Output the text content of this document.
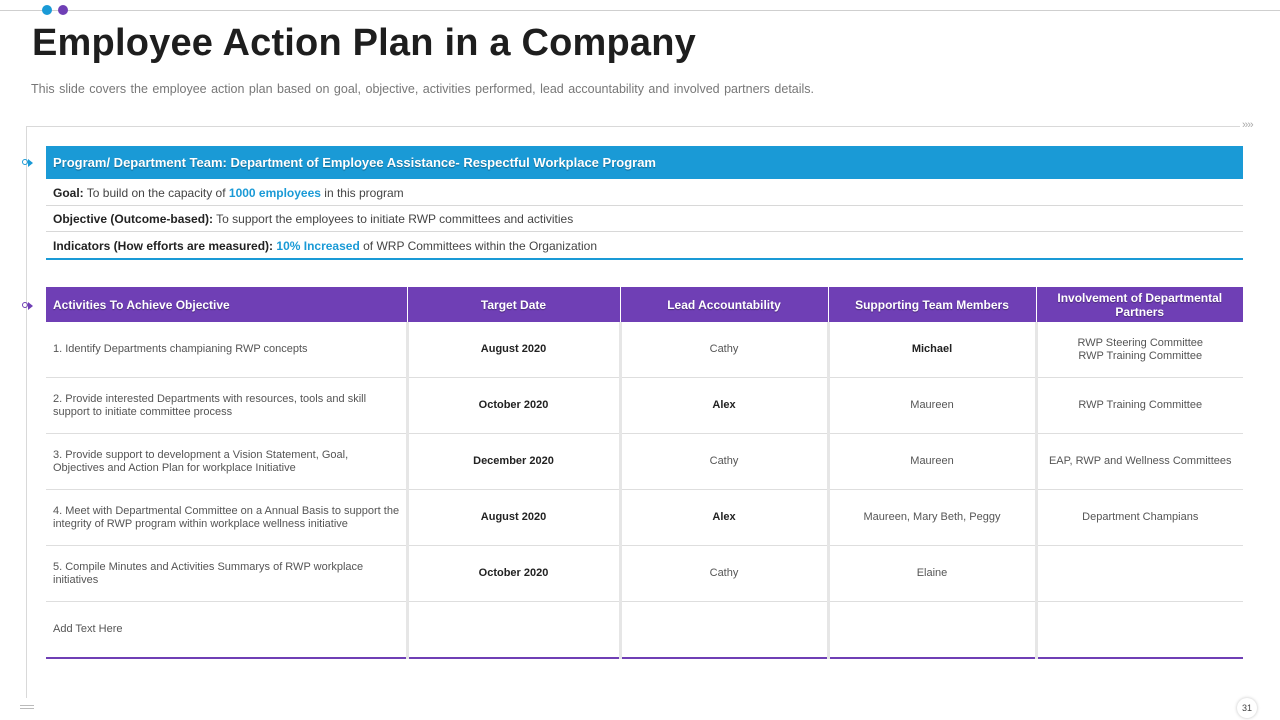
Employee Action Plan in a Company
This slide covers the employee action plan based on goal, objective, activities performed, lead accountability and involved partners details.
››››
Program/ Department Team: Department of Employee Assistance- Respectful Workplace Program
Goal: To build on the capacity of 1000 employees in this program
Objective (Outcome-based): To support the employees to initiate RWP committees and activities
Indicators (How efforts are measured): 10% Increased of WRP Committees within the Organization
Activities To Achieve Objective	Target Date	Lead Accountability	Supporting Team Members	Involvement of Departmental Partners
1. Identify Departments champianing RWP concepts	August 2020	Cathy	Michael	RWP Steering Committee
RWP Training Committee
2. Provide interested Departments with resources, tools and skill support to initiate committee process	October 2020	Alex	Maureen	RWP Training Committee
3. Provide support to development a Vision Statement, Goal, Objectives and Action Plan for workplace Initiative	December 2020	Cathy	Maureen	EAP, RWP and Wellness Committees
4. Meet with Departmental Committee on a Annual Basis to support the integrity of RWP program within workplace wellness initiative	August 2020	Alex	Maureen, Mary Beth, Peggy	Department Champians
5. Compile Minutes and Activities Summarys of RWP workplace initiatives	October 2020	Cathy	Elaine	
Add Text Here				
31
